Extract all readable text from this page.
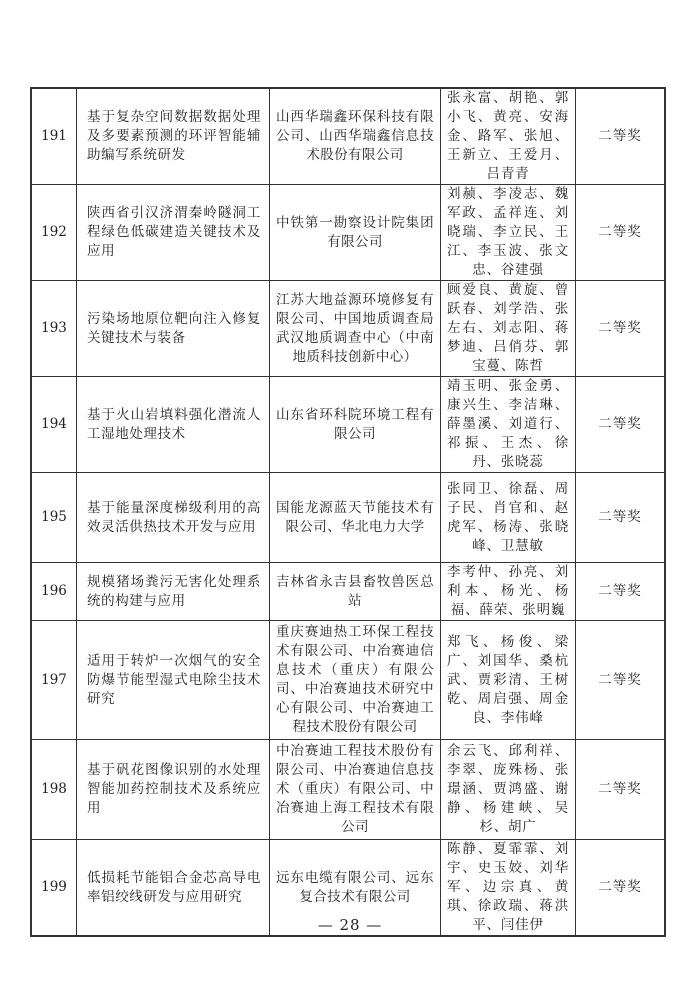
191	基于复杂空间数据数据处理及多要素预测的环评智能辅助编写系统研发	山西华瑞鑫环保科技有限公司、山西华瑞鑫信息技术股份有限公司	张永富、胡艳、郭小飞、黄亮、安海金、路军、张旭、王新立、王爱月、吕青青	二等奖
192	陕西省引汉济渭秦岭隧洞工程绿色低碳建造关键技术及应用	中铁第一勘察设计院集团有限公司	刘赪、李凌志、魏军政、孟祥连、刘晓瑞、李立民、王江、李玉波、张文忠、谷建强	二等奖
193	污染场地原位靶向注入修复关键技术与装备	江苏大地益源环境修复有限公司、中国地质调查局武汉地质调查中心（中南地质科技创新中心）	顾爱良、黄旋、曾跃春、刘学浩、张左右、刘志阳、蒋梦迪、吕俏芬、郭宝蔓、陈哲	二等奖
194	基于火山岩填料强化潜流人工湿地处理技术	山东省环科院环境工程有限公司	靖玉明、张金勇、康兴生、李洁琳、薛墨溪、刘道行、祁振、王杰、徐丹、张晓蕊	二等奖
195	基于能量深度梯级利用的高效灵活供热技术开发与应用	国能龙源蓝天节能技术有限公司、华北电力大学	张同卫、徐磊、周子民、肖官和、赵虎军、杨涛、张晓峰、卫慧敏	二等奖
196	规模猪场粪污无害化处理系统的构建与应用	吉林省永吉县畜牧兽医总站	李考仲、孙亮、刘利本、杨光、杨福、薛荣、张明巍	二等奖
197	适用于转炉一次烟气的安全防爆节能型湿式电除尘技术研究	重庆赛迪热工环保工程技术有限公司、中冶赛迪信息技术（重庆）有限公司、中冶赛迪技术研究中心有限公司、中冶赛迪工程技术股份有限公司	郑飞、杨俊、梁广、刘国华、桑杭武、贾彩清、王树乾、周启强、周金良、李伟峰	二等奖
198	基于矾花图像识别的水处理智能加药控制技术及系统应用	中冶赛迪工程技术股份有限公司、中冶赛迪信息技术（重庆）有限公司、中冶赛迪上海工程技术有限公司	余云飞、邱利祥、李翠、庞殊杨、张璟涵、贾鸿盛、谢静、杨建峡、吴杉、胡广	二等奖
199	低损耗节能铝合金芯高导电率铝绞线研发与应用研究	远东电缆有限公司、远东复合技术有限公司	陈静、夏霏霏、刘宇、史玉姣、刘华军、边宗真、黄琪、徐政瑞、蒋洪平、闫佳伊	二等奖
— 28 —
